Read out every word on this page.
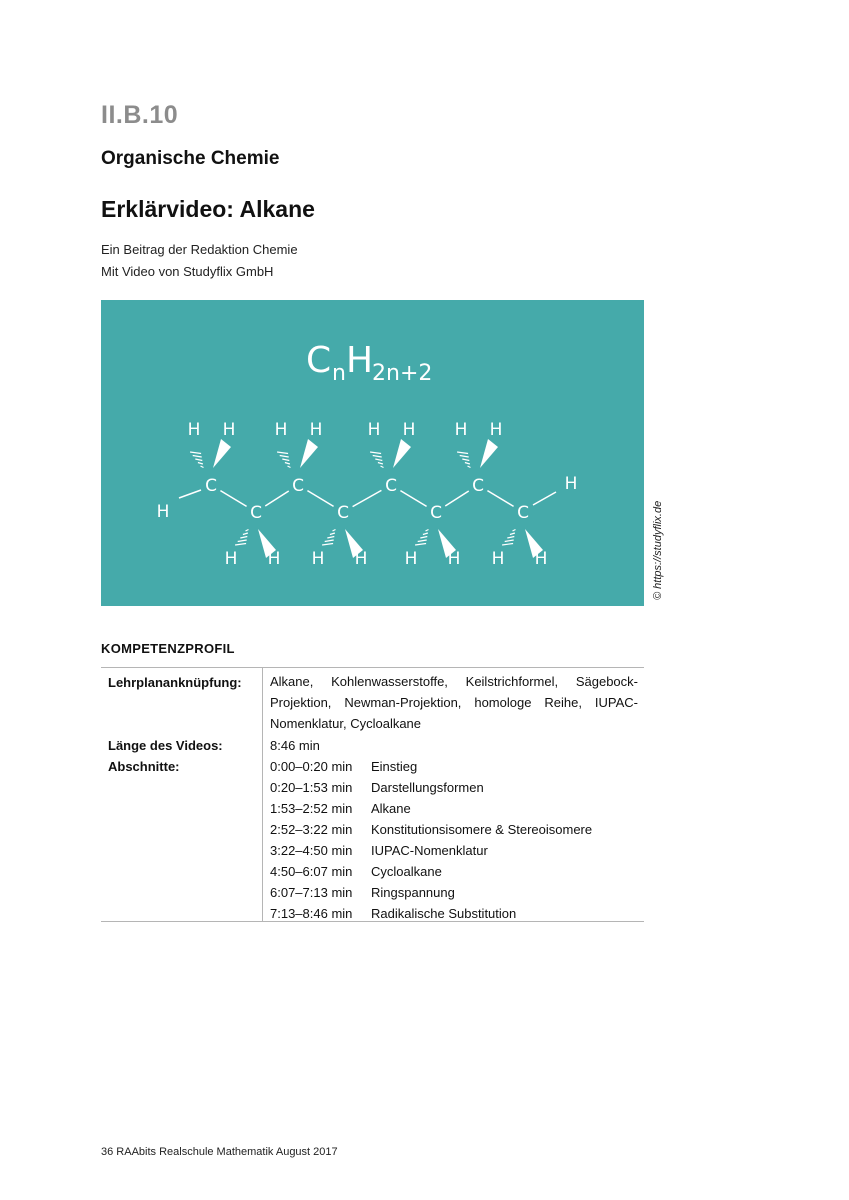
II.B.10
Organische Chemie
Erklärvideo: Alkane
Ein Beitrag der Redaktion Chemie
Mit Video von Studyflix GmbH
C n H
2n+2
C
H H
C
H H
C
H H
C
H H
C
H H
C
H H
C
H H
C
H H
H
H
© https://studyflix.de
KOMPETENZPROFIL
Lehrplananknüpfung: Alkane, Kohlenwasserstoffe, Keilstrichformel, Sägebock-Projektion, Newman-Projektion, homologe Reihe, IUPAC-Nomenklatur, Cycloalkane
Länge des Videos:	8:46 min
Abschnitte:	0:00–0:20 min Einstieg
0:20–1:53 min Darstellungsformen
1:53–2:52 min Alkane
2:52–3:22 min Konstitutionsisomere & Stereoisomere
3:22–4:50 min IUPAC-Nomenklatur
4:50–6:07 min Cycloalkane
6:07–7:13 min Ringspannung
7:13–8:46 min Radikalische Substitution
36 RAAbits Realschule Mathematik August 2017
